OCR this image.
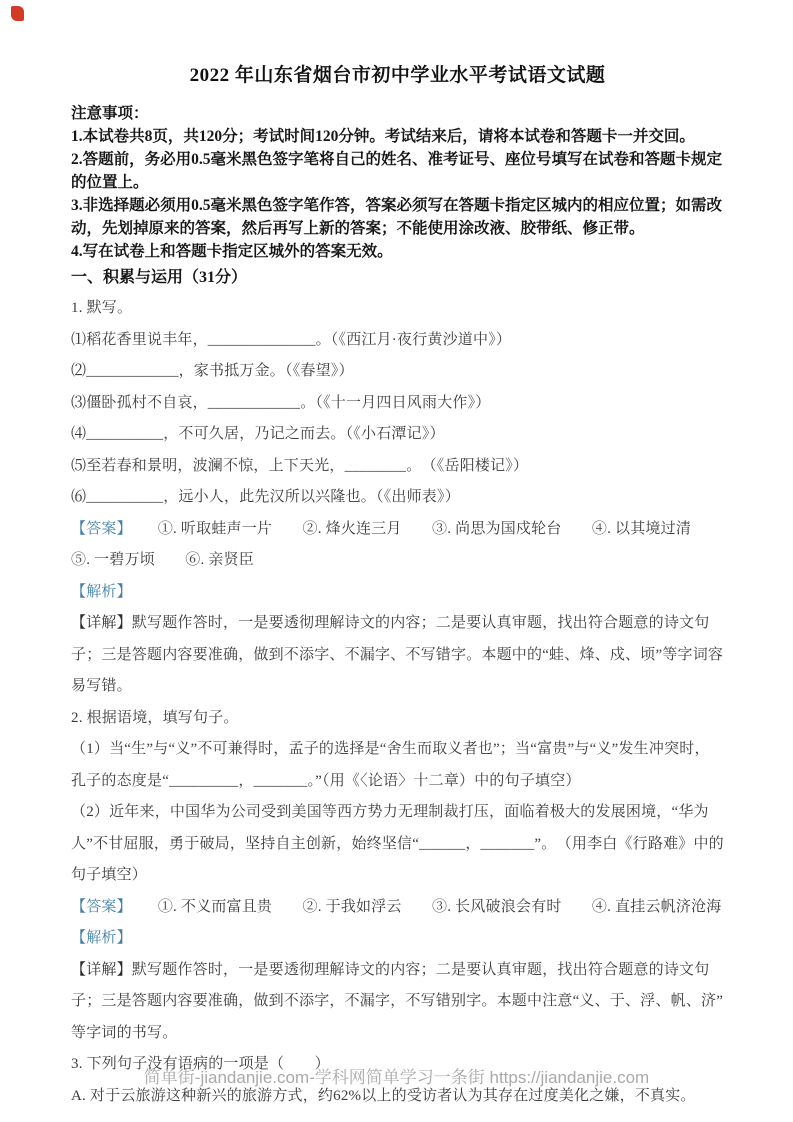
2022 年山东省烟台市初中学业水平考试语文试题

注意事项：

1.本试卷共8页，共120分；考试时间120分钟。考试结来后，请将本试卷和答题卡一并交回。

2.答题前，务必用0.5毫米黑色签字笔将自己的姓名、准考证号、座位号填写在试卷和答题卡规定的位置上。

3.非选择题必须用0.5毫米黑色签字笔作答，答案必须写在答题卡指定区城内的相应位置；如需改动，先划掉原来的答案，然后再写上新的答案；不能使用涂改液、胶带纸、修正带。

4.写在试卷上和答题卡指定区城外的答案无效。

一、积累与运用（31分）

1. 默写。

⑴稻花香里说丰年，______________。（《西江月·夜行黄沙道中》）

⑵____________，家书抵万金。（《春望》）

⑶僵卧孤村不自哀，____________。（《十一月四日风雨大作》）

⑷__________，不可久居，乃记之而去。（《小石潭记》）

⑸至若春和景明，波澜不惊，上下天光，________。　（《岳阳楼记》）

⑹__________，远小人，此先汉所以兴隆也。（《出师表》）

【答案】 ①. 听取蛙声一片　　②. 烽火连三月　　③. 尚思为国戍轮台　　④. 以其境过清　　⑤. 一碧万顷　　⑥. 亲贤臣

【解析】

【详解】默写题作答时，一是要透彻理解诗文的内容；二是要认真审题，找出符合题意的诗文句子；三是答题内容要准确，做到不添字、不漏字、不写错字。本题中的“蛙、烽、戍、顷”等字词容易写错。

2. 根据语境，填写句子。

（1）当“生”与“义”不可兼得时，孟子的选择是“舍生而取义者也”；当“富贵”与“义”发生冲突时，孔子的态度是“_________，_______。”（用《〈论语〉十二章）中的句子填空）

（2）近年来，中国华为公司受到美国等西方势力无理制裁打压，面临着极大的发展困境，“华为人”不甘屈服，勇于破局，坚持自主创新，始终坚信“______，_______”。　（用李白《行路难》中的句子填空）

【答案】 ①. 不义而富且贵　　②. 于我如浮云　　③. 长风破浪会有时　　④. 直挂云帆济沧海

【解析】

【详解】默写题作答时，一是要透彻理解诗文的内容；二是要认真审题，找出符合题意的诗文句子；三是答题内容要准确，做到不添字，不漏字，不写错别字。本题中注意“义、于、浮、帆、济”等字词的书写。

3. 下列句子没有语病的一项是（　　）

A. 对于云旅游这种新兴的旅游方式，约62%以上的受访者认为其存在过度美化之嫌，不真实。

简单街-jiandanjie.com-学科网简单学习一条街 https://jiandanjie.com
